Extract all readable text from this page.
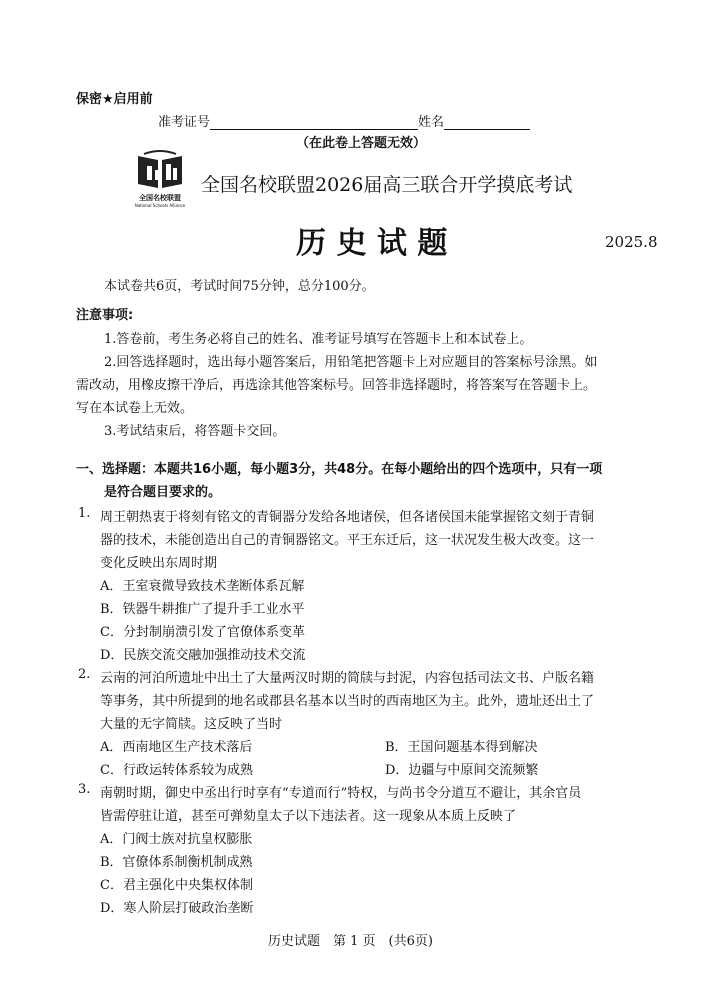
保密★启用前
准考证号	姓名
（在此卷上答题无效）
全国名校联盟
National Schools Alliance
全国名校联盟2026届高三联合开学摸底考试
历 史 试 题	2025.8
本试卷共6页，考试时间75分钟，总分100分。
注意事项:
1.答卷前，考生务必将自己的姓名、准考证号填写在答题卡上和本试卷上。
2.回答选择题时，选出每小题答案后，用铅笔把答题卡上对应题目的答案标号涂黑。如
需改动，用橡皮擦干净后，再选涂其他答案标号。回答非选择题时，将答案写在答题卡上。
写在本试卷上无效。
3.考试结束后，将答题卡交回。
一、选择题：本题共16小题，每小题3分，共48分。在每小题给出的四个选项中，只有一项
是符合题目要求的。
1. 周王朝热衷于将刻有铭文的青铜器分发给各地诸侯，但各诸侯国未能掌握铭文刻于青铜
器的技术，未能创造出自己的青铜器铭文。平王东迁后，这一状况发生极大改变。这一
变化反映出东周时期
A．王室衰微导致技术垄断体系瓦解
B．铁器牛耕推广了提升手工业水平
C．分封制崩溃引发了官僚体系变革
D．民族交流交融加强推动技术交流
2. 云南的河泊所遗址中出土了大量两汉时期的简牍与封泥，内容包括司法文书、户版名籍
等事务，其中所提到的地名或郡县名基本以当时的西南地区为主。此外，遗址还出土了
大量的无字简牍。这反映了当时
A．西南地区生产技术落后	B．王国问题基本得到解决
C．行政运转体系较为成熟	D．边疆与中原间交流频繁
3. 南朝时期，御史中丞出行时享有“专道而行”特权，与尚书令分道互不避让，其余官员
皆需停驻让道，甚至可弹劾皇太子以下违法者。这一现象从本质上反映了
A．门阀士族对抗皇权膨胀
B．官僚体系制衡机制成熟
C．君主强化中央集权体制
D．寒人阶层打破政治垄断
历史试题　第 1 页　(共6页)
